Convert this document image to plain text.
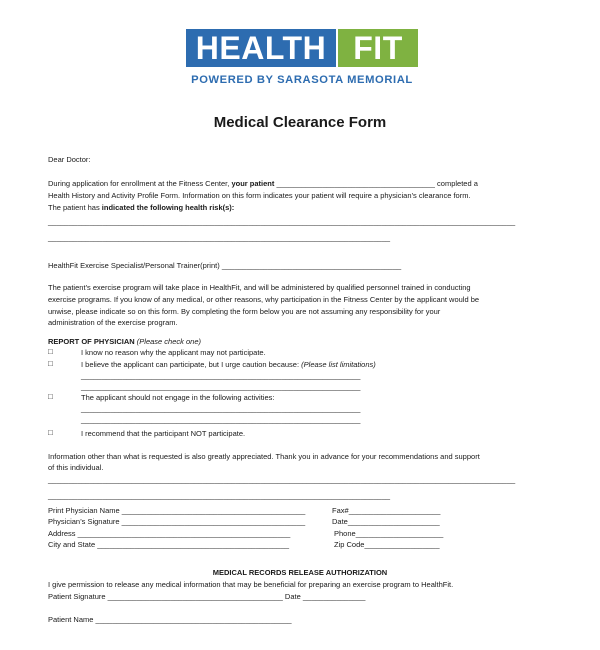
HEALTH FIT
POWERED BY SARASOTA MEMORIAL
Medical Clearance Form
Dear Doctor:
During application for enrollment at the Fitness Center, your patient ______________________________________ completed a
Health History and Activity Profile Form. Information on this form indicates your patient will require a physician’s clearance form.
The patient has indicated the following health risk(s):
________________________________________________________________________________________________________________
__________________________________________________________________________________
HealthFit Exercise Specialist/Personal Trainer(print) ___________________________________________
The patient’s exercise program will take place in HealthFit, and will be administered by qualified personnel trained in conducting
exercise programs. If you know of any medical, or other reasons, why participation in the Fitness Center by the applicant would be
unwise, please indicate so on this form. By completing the form below you are not assuming any responsibility for your
administration of the exercise program.
REPORT OF PHYSICIAN (Please check one)
□	I know no reason why the applicant may not participate.
□	I believe the applicant can participate, but I urge caution because: (Please list limitations)
___________________________________________________________________
___________________________________________________________________
□	The applicant should not engage in the following activities:
___________________________________________________________________
___________________________________________________________________
□	I recommend that the participant NOT participate.
Information other than what is requested is also greatly appreciated. Thank you in advance for your recommendations and support
of this individual.
________________________________________________________________________________________________________________
__________________________________________________________________________________
Print Physician Name ____________________________________________	Fax#______________________
Physician’s Signature ____________________________________________	Date______________________
Address ___________________________________________________	Phone_____________________
City and State ______________________________________________	Zip Code__________________
MEDICAL RECORDS RELEASE AUTHORIZATION
I give permission to release any medical information that may be beneficial for preparing an exercise program to HealthFit.
Patient Signature __________________________________________ Date _______________
Patient Name _______________________________________________
